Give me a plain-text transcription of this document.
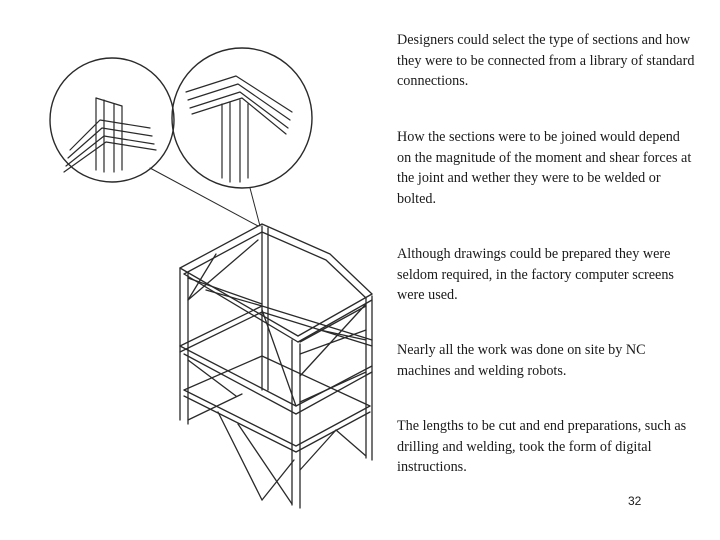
Designers could select the type of sections and how they were to be connected from a library of standard connections.

How the sections were to be joined would depend on the magnitude of the moment and shear forces at the joint and wether they were to be welded or bolted.

Although drawings could be prepared they were seldom required, in the factory computer screens were used.

Nearly all the work was done on site by NC machines and welding robots.

The lengths to be cut and end preparations, such as drilling and welding, took the form of digital instructions.

32
